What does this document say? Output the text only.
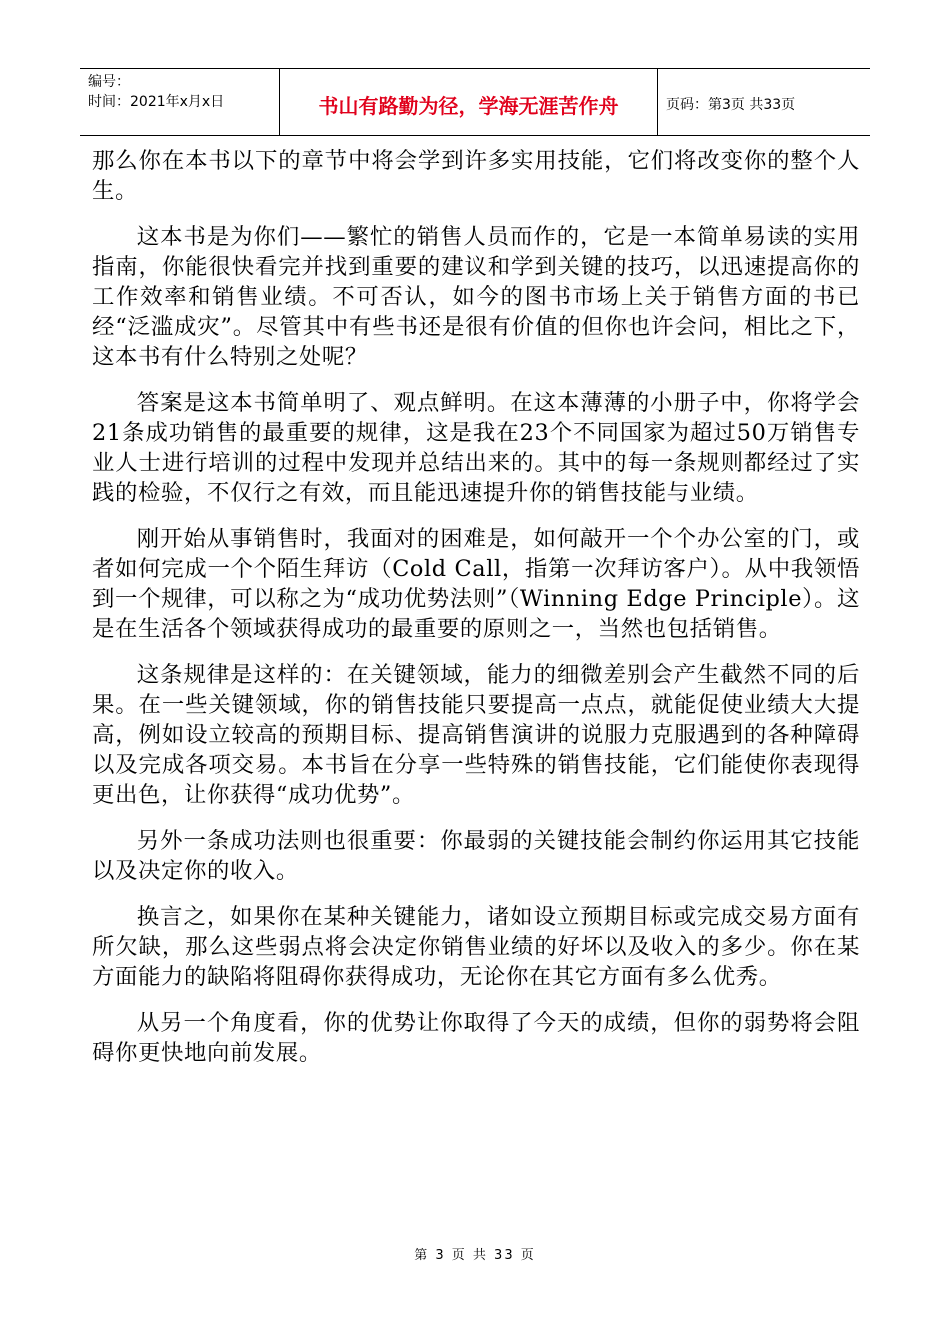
编号：
时间：2021年x月x日	书山有路勤为径，学海无涯苦作舟	页码：第3页 共33页

那么你在本书以下的章节中将会学到许多实用技能，它们将改变你的整个人生。

这本书是为你们——繁忙的销售人员而作的，它是一本简单易读的实用指南，你能很快看完并找到重要的建议和学到关键的技巧，以迅速提高你的工作效率和销售业绩。不可否认，如今的图书市场上关于销售方面的书已经“泛滥成灾”。尽管其中有些书还是很有价值的但你也许会问，相比之下，这本书有什么特别之处呢？

答案是这本书简单明了、观点鲜明。在这本薄薄的小册子中，你将学会21条成功销售的最重要的规律，这是我在23个不同国家为超过50万销售专业人士进行培训的过程中发现并总结出来的。其中的每一条规则都经过了实践的检验，不仅行之有效，而且能迅速提升你的销售技能与业绩。

刚开始从事销售时，我面对的困难是，如何敲开一个个办公室的门，或者如何完成一个个陌生拜访（Cold Call，指第一次拜访客户）。从中我领悟到一个规律，可以称之为“成功优势法则”（Winning Edge Principle）。这是在生活各个领域获得成功的最重要的原则之一，当然也包括销售。

这条规律是这样的：在关键领域，能力的细微差别会产生截然不同的后果。在一些关键领域，你的销售技能只要提高一点点，就能促使业绩大大提高，例如设立较高的预期目标、提高销售演讲的说服力克服遇到的各种障碍以及完成各项交易。本书旨在分享一些特殊的销售技能，它们能使你表现得更出色，让你获得“成功优势”。

另外一条成功法则也很重要：你最弱的关键技能会制约你运用其它技能以及决定你的收入。

换言之，如果你在某种关键能力，诸如设立预期目标或完成交易方面有所欠缺，那么这些弱点将会决定你销售业绩的好坏以及收入的多少。你在某方面能力的缺陷将阻碍你获得成功，无论你在其它方面有多么优秀。

从另一个角度看，你的优势让你取得了今天的成绩，但你的弱势将会阻碍你更快地向前发展。

第 3 页 共 33 页
